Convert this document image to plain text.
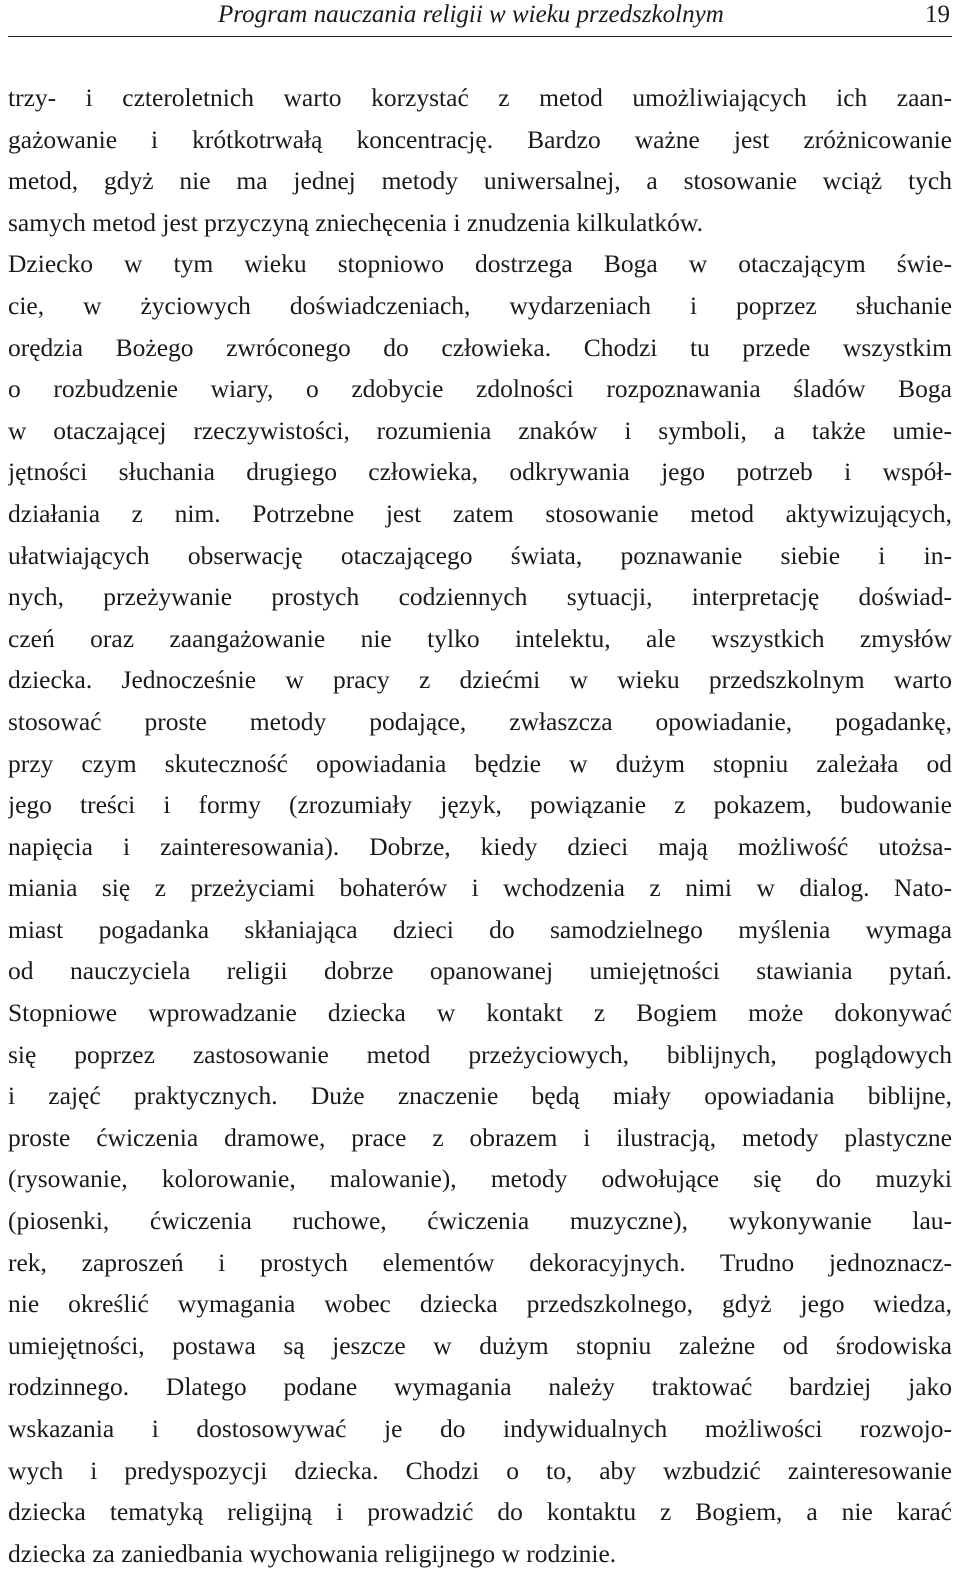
Program nauczania religii w wieku przedszkolnym	19
trzy- i czteroletnich warto korzystać z metod umożliwiających ich zaan-
gażowanie i krótkotrwałą koncentrację. Bardzo ważne jest zróżnicowanie
metod, gdyż nie ma jednej metody uniwersalnej, a stosowanie wciąż tych
samych metod jest przyczyną zniechęcenia i znudzenia kilkulatków.
Dziecko w tym wieku stopniowo dostrzega Boga w otaczającym świe-
cie, w życiowych doświadczeniach, wydarzeniach i poprzez słuchanie
orędzia Bożego zwróconego do człowieka. Chodzi tu przede wszystkim
o rozbudzenie wiary, o zdobycie zdolności rozpoznawania śladów Boga
w otaczającej rzeczywistości, rozumienia znaków i symboli, a także umie-
jętności słuchania drugiego człowieka, odkrywania jego potrzeb i współ-
działania z nim. Potrzebne jest zatem stosowanie metod aktywizujących,
ułatwiających obserwację otaczającego świata, poznawanie siebie i in-
nych, przeżywanie prostych codziennych sytuacji, interpretację doświad-
czeń oraz zaangażowanie nie tylko intelektu, ale wszystkich zmysłów
dziecka. Jednocześnie w pracy z dziećmi w wieku przedszkolnym warto
stosować proste metody podające, zwłaszcza opowiadanie, pogadankę,
przy czym skuteczność opowiadania będzie w dużym stopniu zależała od
jego treści i formy (zrozumiały język, powiązanie z pokazem, budowanie
napięcia i zainteresowania). Dobrze, kiedy dzieci mają możliwość utożsa-
miania się z przeżyciami bohaterów i wchodzenia z nimi w dialog. Nato-
miast pogadanka skłaniająca dzieci do samodzielnego myślenia wymaga
od nauczyciela religii dobrze opanowanej umiejętności stawiania pytań.
Stopniowe wprowadzanie dziecka w kontakt z Bogiem może dokonywać
się poprzez zastosowanie metod przeżyciowych, biblijnych, poglądowych
i zajęć praktycznych. Duże znaczenie będą miały opowiadania biblijne,
proste ćwiczenia dramowe, prace z obrazem i ilustracją, metody plastyczne
(rysowanie, kolorowanie, malowanie), metody odwołujące się do muzyki
(piosenki, ćwiczenia ruchowe, ćwiczenia muzyczne), wykonywanie lau-
rek, zaproszeń i prostych elementów dekoracyjnych. Trudno jednoznacz-
nie określić wymagania wobec dziecka przedszkolnego, gdyż jego wiedza,
umiejętności, postawa są jeszcze w dużym stopniu zależne od środowiska
rodzinnego. Dlatego podane wymagania należy traktować bardziej jako
wskazania i dostosowywać je do indywidualnych możliwości rozwojo-
wych i predyspozycji dziecka. Chodzi o to, aby wzbudzić zainteresowanie
dziecka tematyką religijną i prowadzić do kontaktu z Bogiem, a nie karać
dziecka za zaniedbania wychowania religijnego w rodzinie.
